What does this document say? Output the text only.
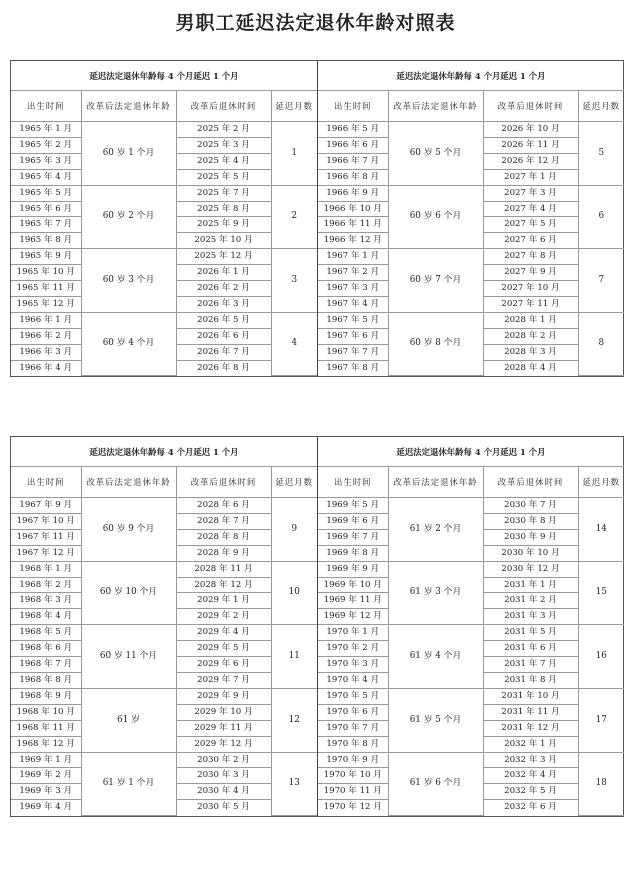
男职工延迟法定退休年龄对照表
延迟法定退休年龄每 4 个月延迟 1 个月			
出生时间	改革后法定退休年龄	改革后退休时间	延迟月数
1965 年 1 月	60 岁 1 个月	2025 年 2 月	1
1965 年 2 月		2025 年 3 月	
1965 年 3 月		2025 年 4 月	
1965 年 4 月		2025 年 5 月	
1965 年 5 月	60 岁 2 个月	2025 年 7 月	2
1965 年 6 月		2025 年 8 月	
1965 年 7 月		2025 年 9 月	
1965 年 8 月		2025 年 10 月	
1965 年 9 月	60 岁 3 个月	2025 年 12 月	3
1965 年 10 月		2026 年 1 月	
1965 年 11 月		2026 年 2 月	
1965 年 12 月		2026 年 3 月	
1966 年 1 月	60 岁 4 个月	2026 年 5 月	4
1966 年 2 月		2026 年 6 月	
1966 年 3 月		2026 年 7 月	
1966 年 4 月		2026 年 8 月	
延迟法定退休年龄每 4 个月延迟 1 个月			
出生时间	改革后法定退休年龄	改革后退休时间	延迟月数
1966 年 5 月	60 岁 5 个月	2026 年 10 月	5
1966 年 6 月		2026 年 11 月	
1966 年 7 月		2026 年 12 月	
1966 年 8 月		2027 年 1 月	
1966 年 9 月	60 岁 6 个月	2027 年 3 月	6
1966 年 10 月		2027 年 4 月	
1966 年 11 月		2027 年 5 月	
1966 年 12 月		2027 年 6 月	
1967 年 1 月	60 岁 7 个月	2027 年 8 月	7
1967 年 2 月		2027 年 9 月	
1967 年 3 月		2027 年 10 月	
1967 年 4 月		2027 年 11 月	
1967 年 5 月	60 岁 8 个月	2028 年 1 月	8
1967 年 6 月		2028 年 2 月	
1967 年 7 月		2028 年 3 月	
1967 年 8 月		2028 年 4 月	
延迟法定退休年龄每 4 个月延迟 1 个月			
出生时间	改革后法定退休年龄	改革后退休时间	延迟月数
1967 年 9 月	60 岁 9 个月	2028 年 6 月	9
1967 年 10 月		2028 年 7 月	
1967 年 11 月		2028 年 8 月	
1967 年 12 月		2028 年 9 月	
1968 年 1 月	60 岁 10 个月	2028 年 11 月	10
1968 年 2 月		2028 年 12 月	
1968 年 3 月		2029 年 1 月	
1968 年 4 月		2029 年 2 月	
1968 年 5 月	60 岁 11 个月	2029 年 4 月	11
1968 年 6 月		2029 年 5 月	
1968 年 7 月		2029 年 6 月	
1968 年 8 月		2029 年 7 月	
1968 年 9 月	61 岁	2029 年 9 月	12
1968 年 10 月		2029 年 10 月	
1968 年 11 月		2029 年 11 月	
1968 年 12 月		2029 年 12 月	
1969 年 1 月	61 岁 1 个月	2030 年 2 月	13
1969 年 2 月		2030 年 3 月	
1969 年 3 月		2030 年 4 月	
1969 年 4 月		2030 年 5 月	
延迟法定退休年龄每 4 个月延迟 1 个月			
出生时间	改革后法定退休年龄	改革后退休时间	延迟月数
1969 年 5 月	61 岁 2 个月	2030 年 7 月	14
1969 年 6 月		2030 年 8 月	
1969 年 7 月		2030 年 9 月	
1969 年 8 月		2030 年 10 月	
1969 年 9 月	61 岁 3 个月	2030 年 12 月	15
1969 年 10 月		2031 年 1 月	
1969 年 11 月		2031 年 2 月	
1969 年 12 月		2031 年 3 月	
1970 年 1 月	61 岁 4 个月	2031 年 5 月	16
1970 年 2 月		2031 年 6 月	
1970 年 3 月		2031 年 7 月	
1970 年 4 月		2031 年 8 月	
1970 年 5 月	61 岁 5 个月	2031 年 10 月	17
1970 年 6 月		2031 年 11 月	
1970 年 7 月		2031 年 12 月	
1970 年 8 月		2032 年 1 月	
1970 年 9 月	61 岁 6 个月	2032 年 3 月	18
1970 年 10 月		2032 年 4 月	
1970 年 11 月		2032 年 5 月	
1970 年 12 月		2032 年 6 月	
